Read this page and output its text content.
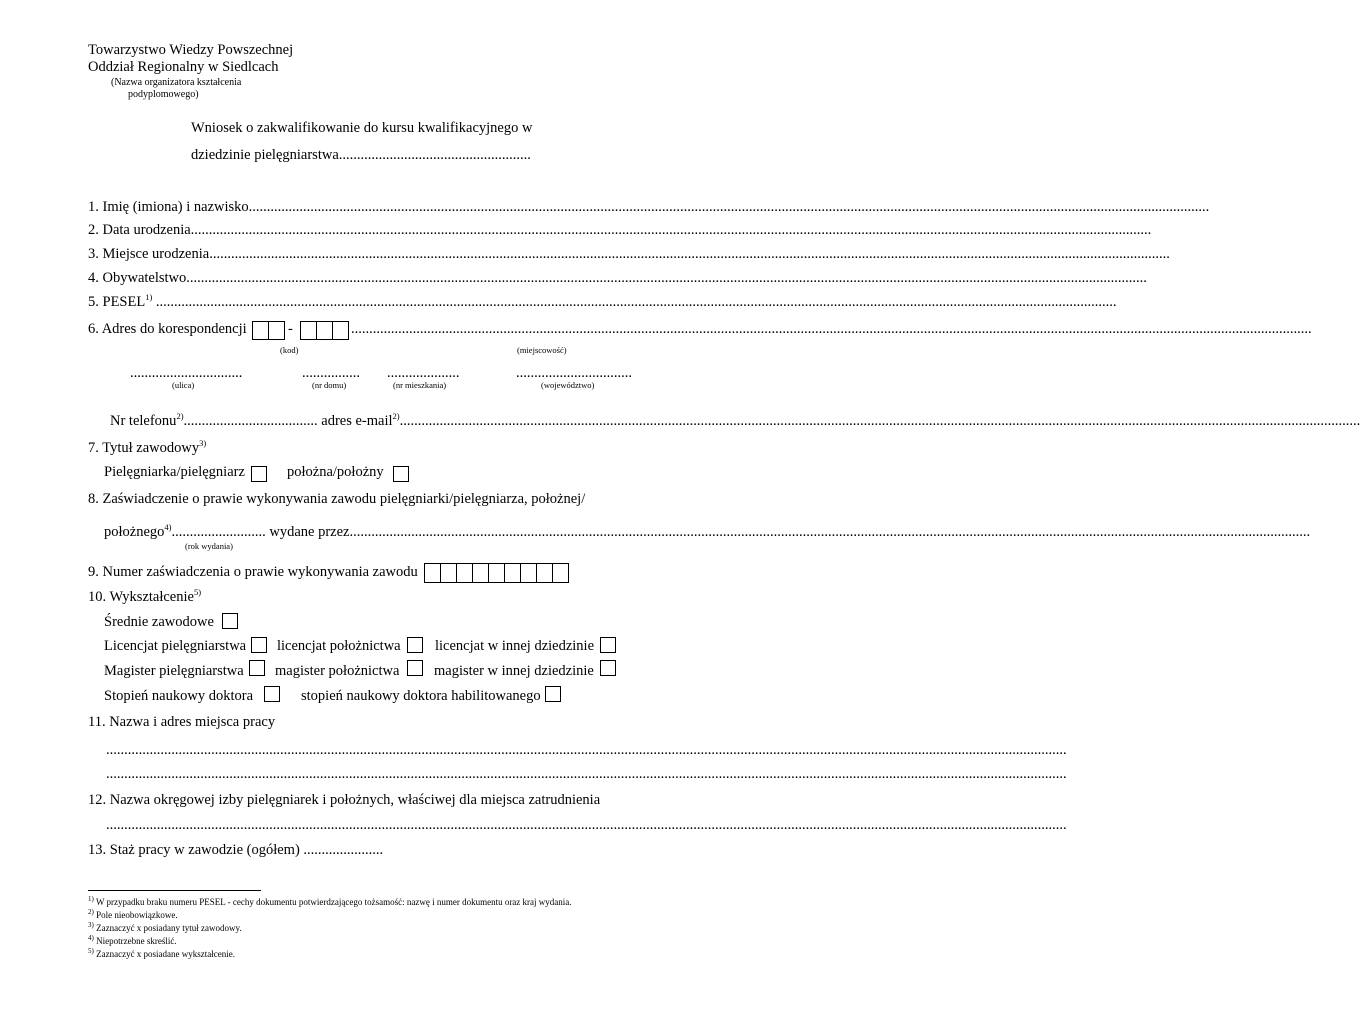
Towarzystwo Wiedzy Powszechnej
Oddział Regionalny w Siedlcach
(Nazwa organizatora kształcenia
podyplomowego)
Wniosek o zakwalifikowanie do kursu kwalifikacyjnego w
dziedzinie pielęgniarstwa.....................................................
1. Imię (imiona) i nazwisko.........................................................................................................................................................................................................................................................................
2. Data urodzenia.........................................................................................................................................................................................................................................................................
3. Miejsce urodzenia.........................................................................................................................................................................................................................................................................
4. Obywatelstwo.........................................................................................................................................................................................................................................................................
5. PESEL$^{1)}$ .........................................................................................................................................................................................................................................................................
6. Adres do korespondencji	-	.........................................................................................................................................................................................................................................................................
(kod)	(miejscowość)
...............................	................ ....................	................................
(ulica)	(nr domu)	(nr mieszkania)	(województwo)
Nr telefonu$^{2)}$..................................... adres e-mail$^{2)}$.........................................................................................................................................................................................................................................................................
7. Tytuł zawodowy$^{3)}$
Pielęgniarka/pielęgniarz	położna/położny
8. Zaświadczenie o prawie wykonywania zawodu pielęgniarki/pielęgniarza, położnej/
położnego$^{4)}$.......................... wydane przez.........................................................................................................................................................................................................................................................................
(rok wydania)
9. Numer zaświadczenia o prawie wykonywania zawodu
10. Wykształcenie$^{5)}$
Średnie zawodowe
Licencjat pielęgniarstwa licencjat położnictwa licencjat w innej dziedzinie
Magister pielęgniarstwa magister położnictwa magister w innej dziedzinie
Stopień naukowy doktora	stopień naukowy doktora habilitowanego
11. Nazwa i adres miejsca pracy
.........................................................................................................................................................................................................................................................................
.........................................................................................................................................................................................................................................................................
12. Nazwa okręgowej izby pielęgniarek i położnych, właściwej dla miejsca zatrudnienia
.........................................................................................................................................................................................................................................................................
13. Staż pracy w zawodzie (ogółem) ......................
$^{1)}$ W przypadku braku numeru PESEL - cechy dokumentu potwierdzającego tożsamość: nazwę i numer dokumentu oraz kraj wydania.
$^{2)}$ Pole nieobowiązkowe.
$^{3)}$ Zaznaczyć x posiadany tytuł zawodowy.
$^{4)}$ Niepotrzebne skreślić.
$^{5)}$ Zaznaczyć x posiadane wykształcenie.
